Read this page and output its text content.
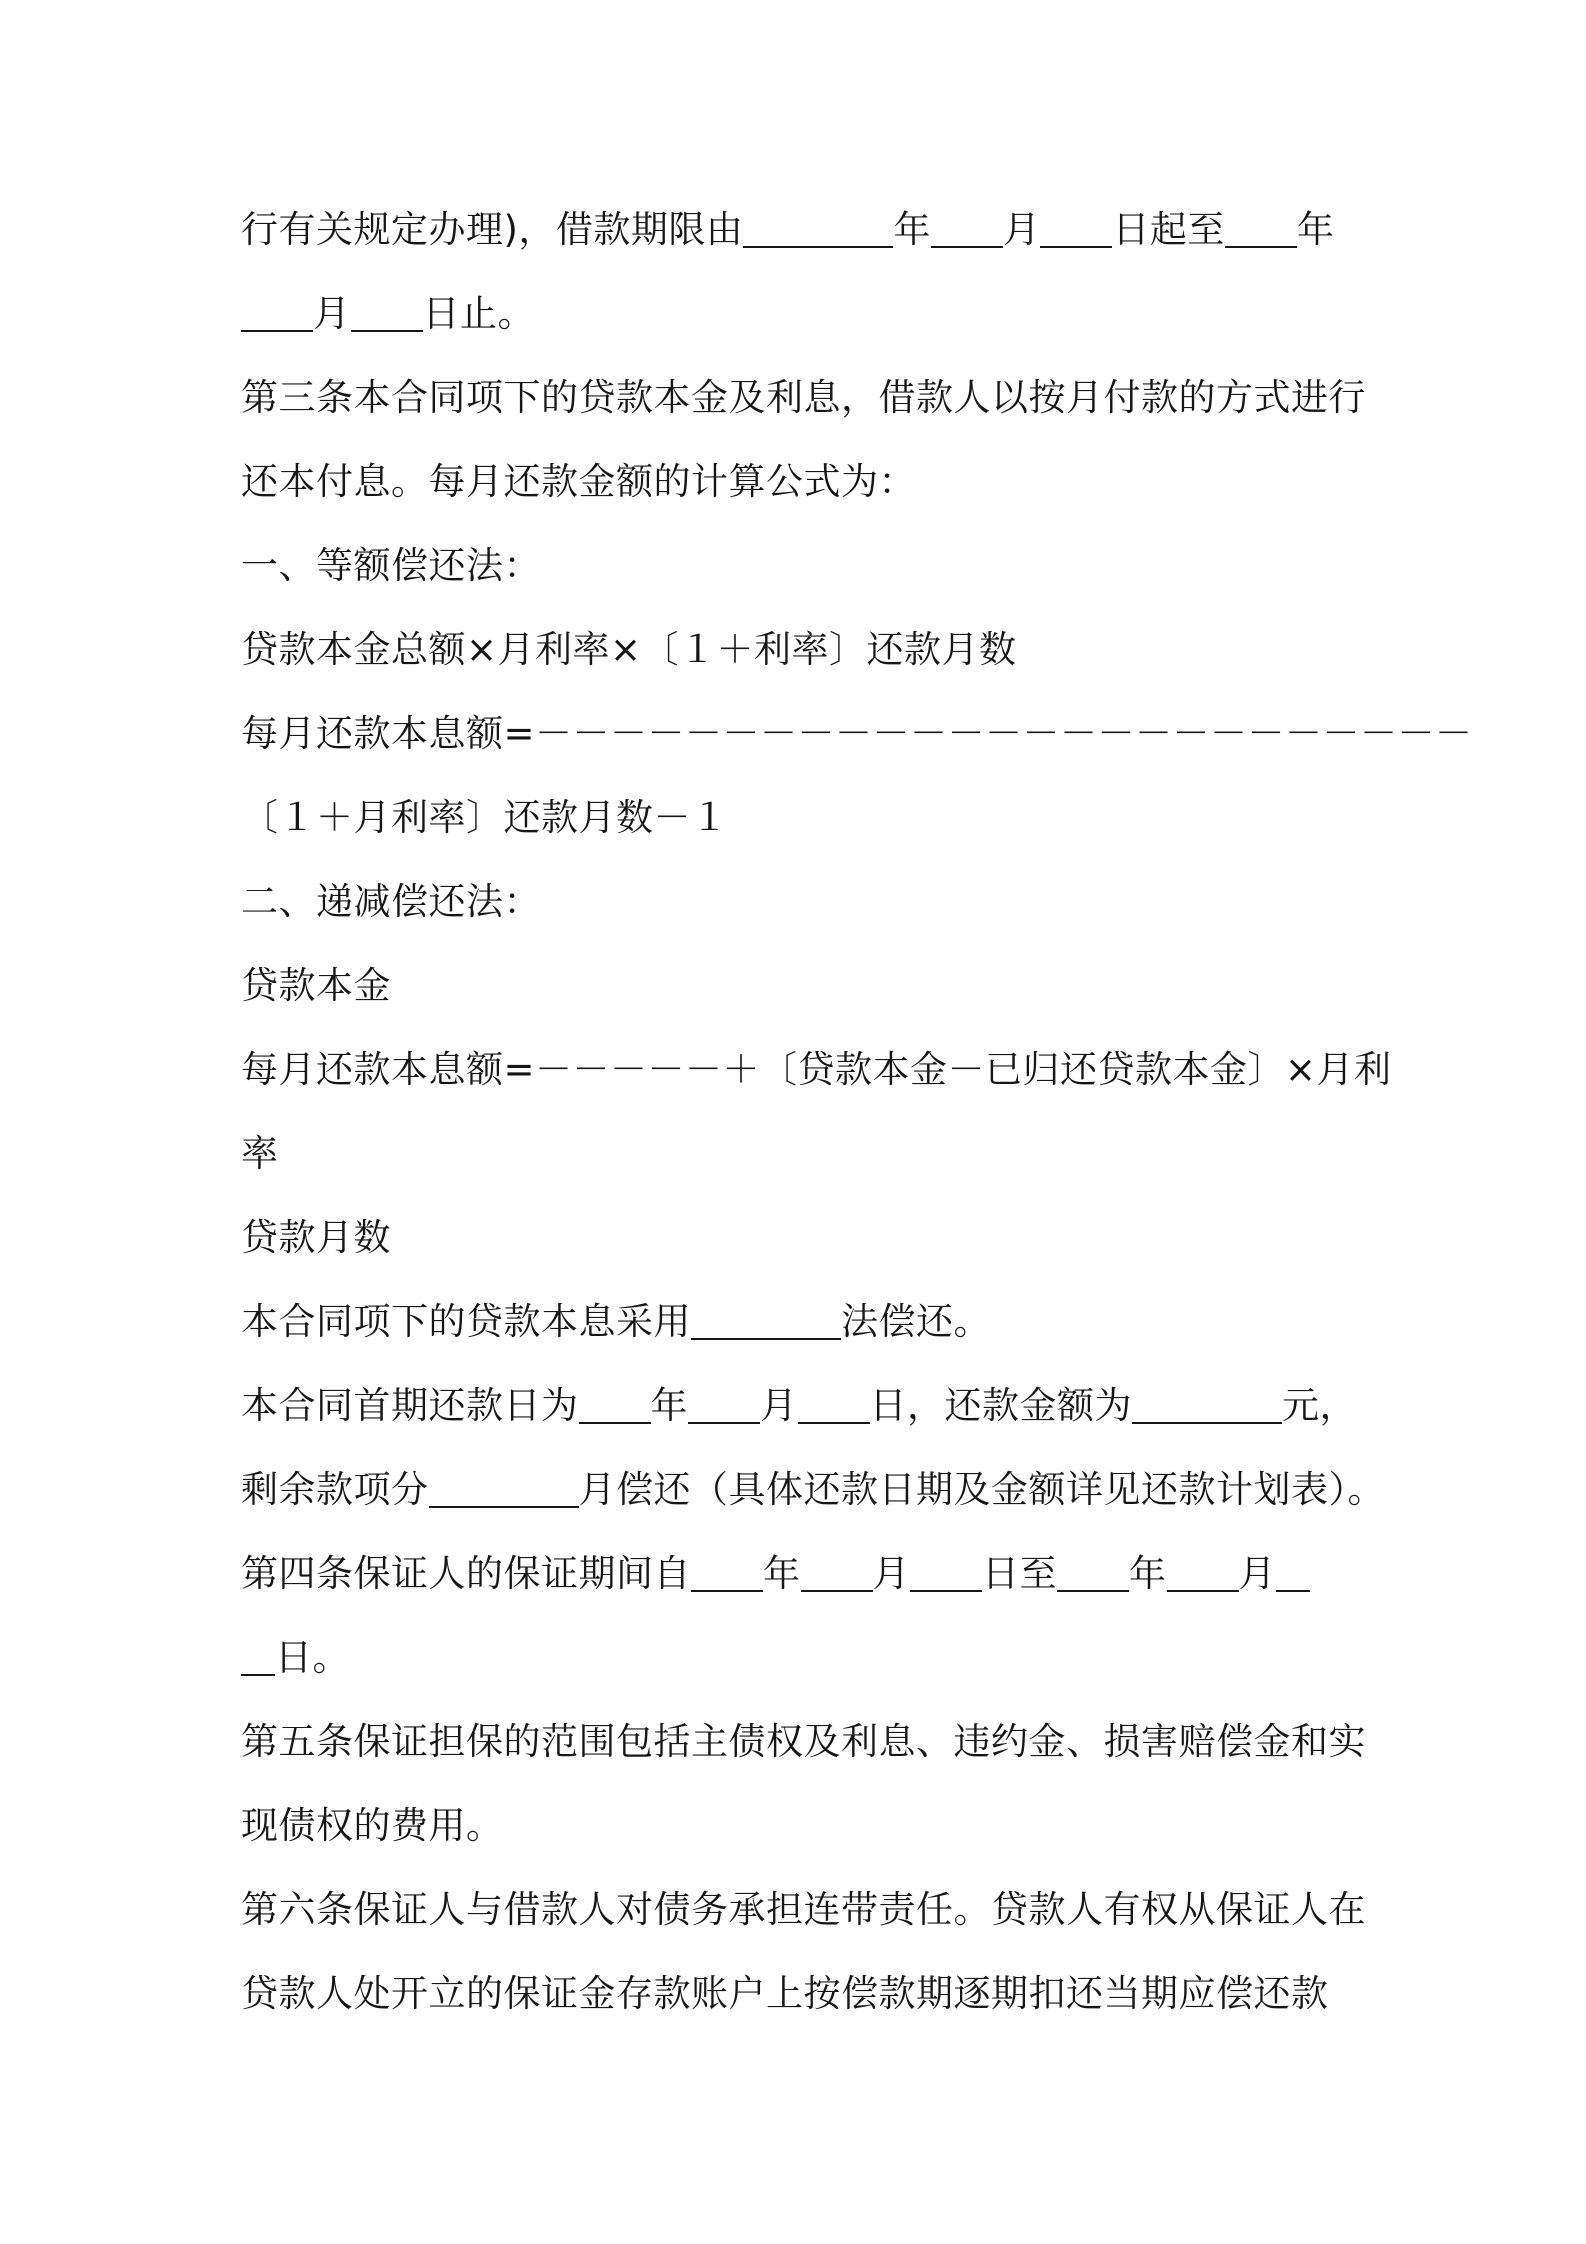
行有关规定办理)，借款期限由	年 月 日起至 年
月 日止。
第三条本合同项下的贷款本金及利息，借款人以按月付款的方式进行
还本付息。每月还款金额的计算公式为：
一、等额偿还法：
贷款本金总额×月利率×〔１＋利率〕还款月数
每月还款本息额=－－－－－－－－－－－－－－－－－－－－－－－－－
〔１＋月利率〕还款月数－１
二、递减偿还法：
贷款本金
每月还款本息额=－－－－－＋〔贷款本金－已归还贷款本金〕×月利
率
贷款月数
本合同项下的贷款本息采用	法偿还。
本合同首期还款日为 年 月 日，还款金额为	元，
剩余款项分	月偿还（具体还款日期及金额详见还款计划表）。
第四条保证人的保证期间自 年 月 日至 年 月
日。
第五条保证担保的范围包括主债权及利息、违约金、损害赔偿金和实
现债权的费用。
第六条保证人与借款人对债务承担连带责任。贷款人有权从保证人在
贷款人处开立的保证金存款账户上按偿款期逐期扣还当期应偿还款
